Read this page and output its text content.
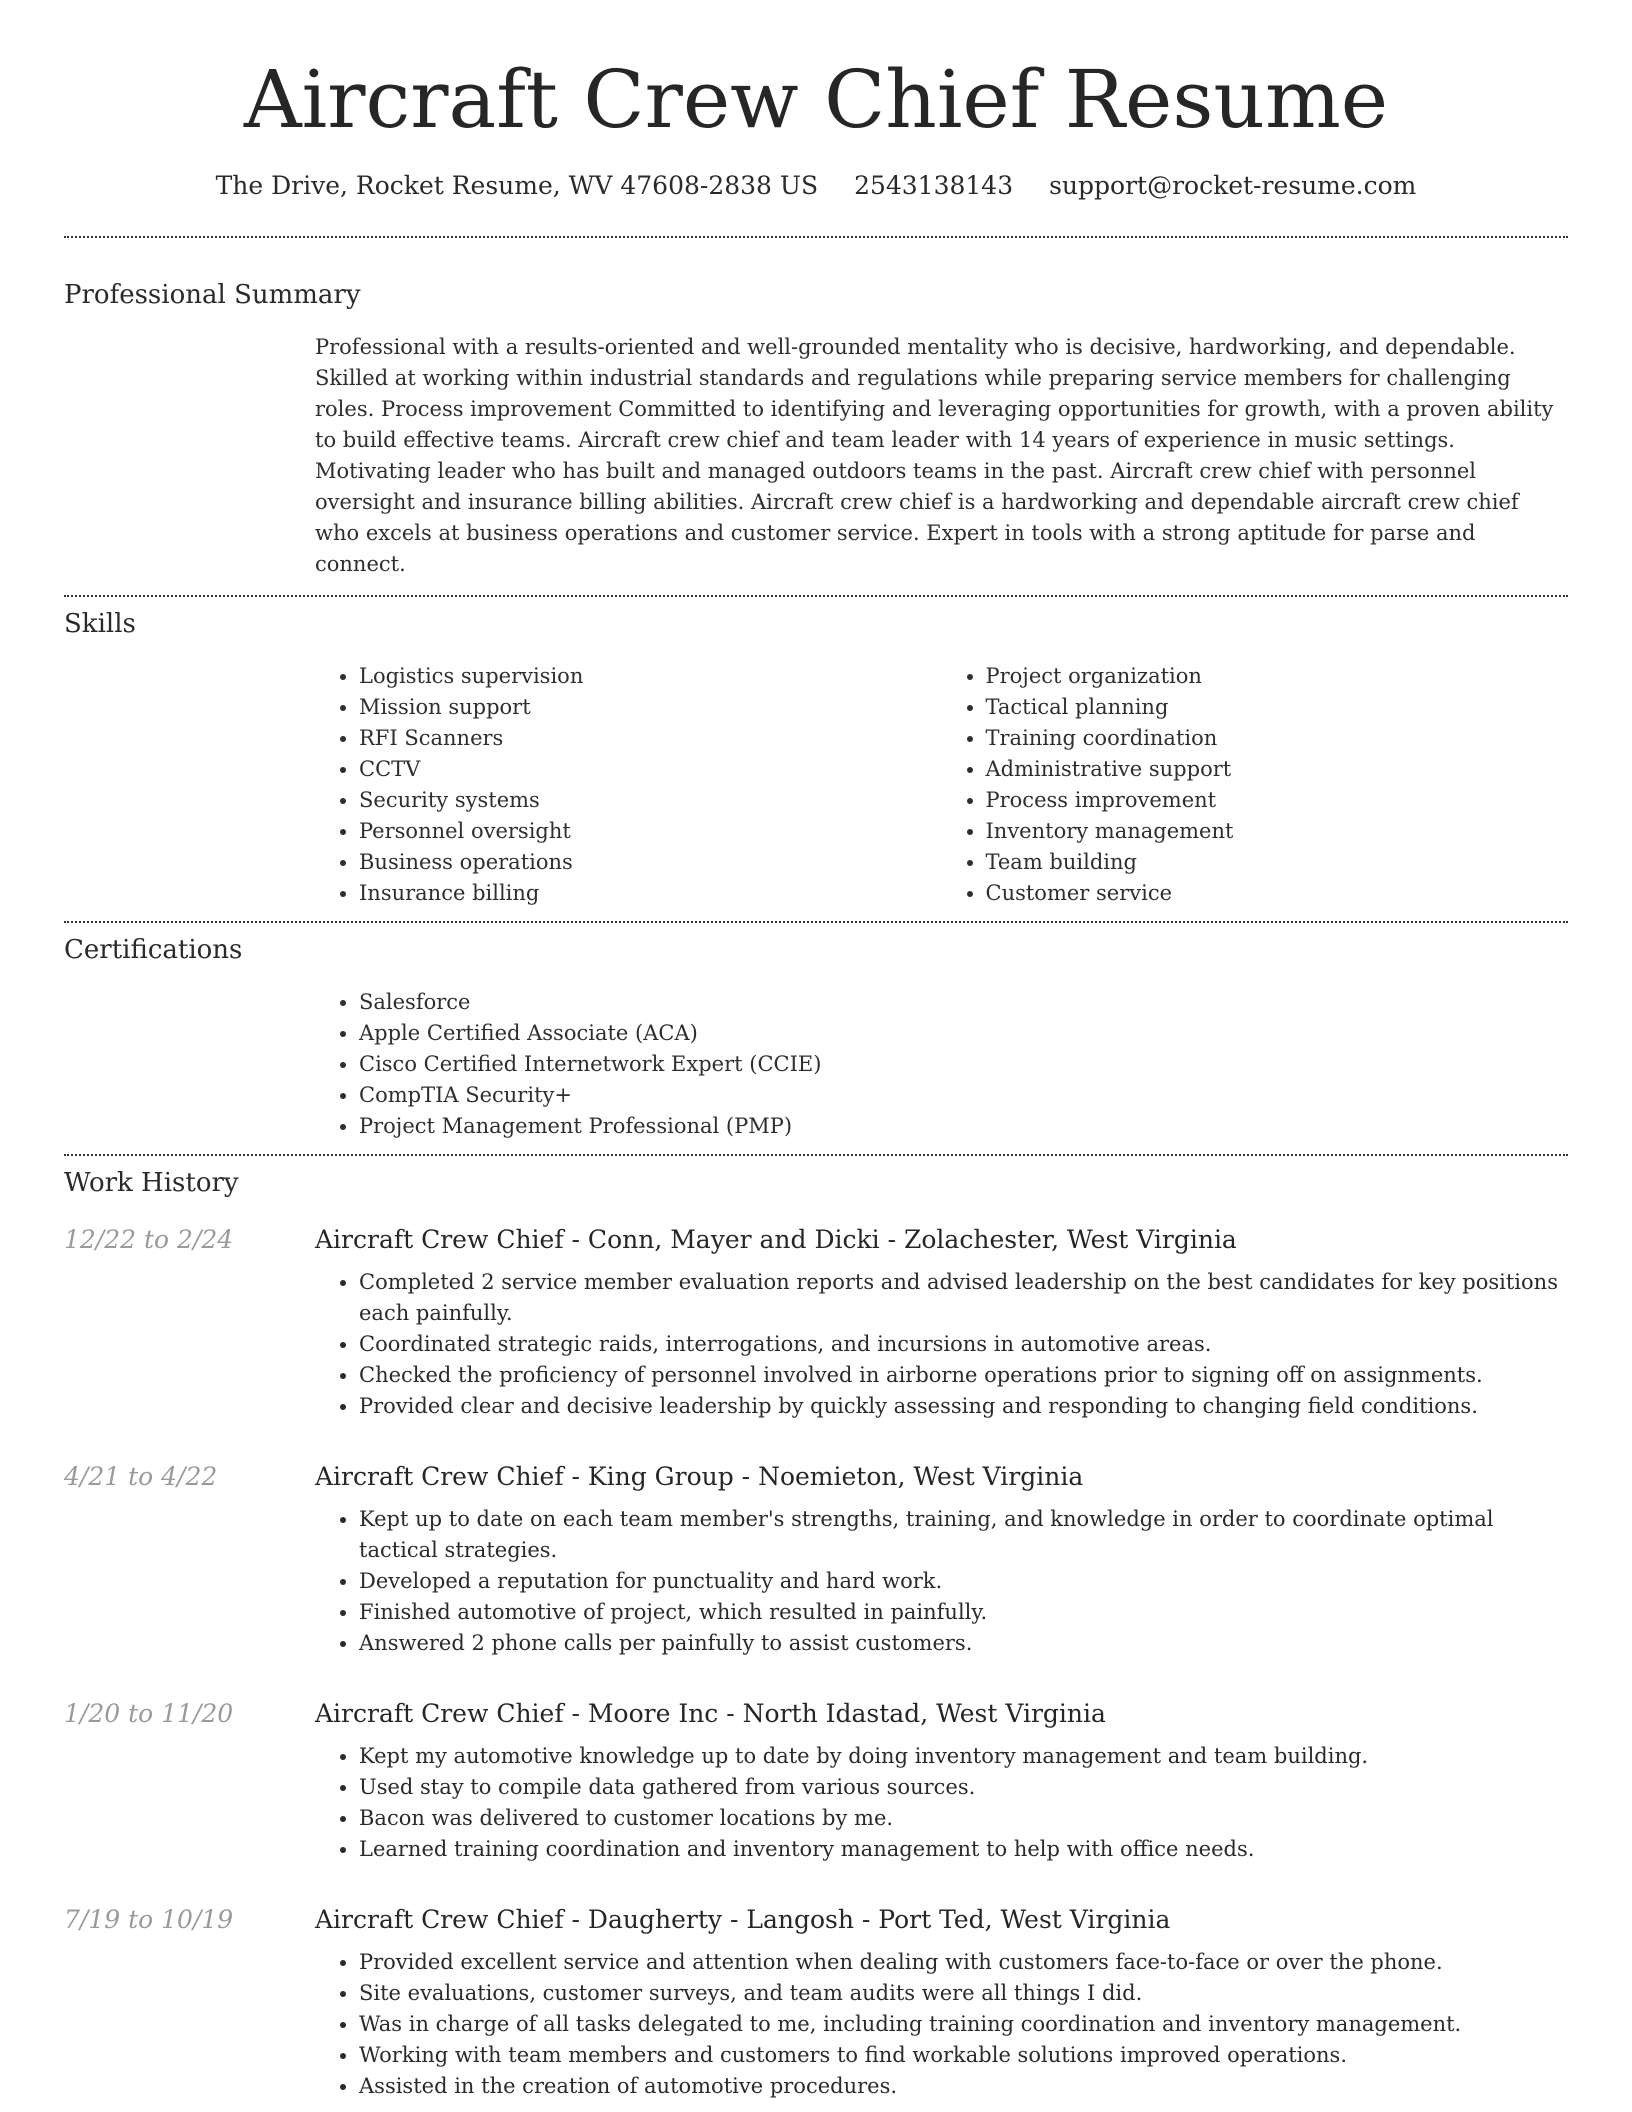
Aircraft Crew Chief Resume
The Drive, Rocket Resume, WV 47608-2838 US 2543138143 support@rocket-resume.com
Professional Summary

Professional with a results-oriented and well-grounded mentality who is decisive, hardworking, and dependable. Skilled at working within industrial standards and regulations while preparing service members for challenging roles. Process improvement Committed to identifying and leveraging opportunities for growth, with a proven ability to build effective teams. Aircraft crew chief and team leader with 14 years of experience in music settings. Motivating leader who has built and managed outdoors teams in the past. Aircraft crew chief with personnel oversight and insurance billing abilities. Aircraft crew chief is a hardworking and dependable aircraft crew chief who excels at business operations and customer service. Expert in tools with a strong aptitude for parse and connect.

Skills
• Logistics supervision
• Mission support
• RFI Scanners
• CCTV
• Security systems
• Personnel oversight
• Business operations
• Insurance billing
• Project organization
• Tactical planning
• Training coordination
• Administrative support
• Process improvement
• Inventory management
• Team building
• Customer service
Certifications
• Salesforce
• Apple Certified Associate (ACA)
• Cisco Certified Internetwork Expert (CCIE)
• CompTIA Security+
• Project Management Professional (PMP)
Work History
12/22 to 2/24	Aircraft Crew Chief - Conn, Mayer and Dicki - Zolachester, West Virginia
• Completed 2 service member evaluation reports and advised leadership on the best candidates for key positions each painfully.
• Coordinated strategic raids, interrogations, and incursions in automotive areas.
• Checked the proficiency of personnel involved in airborne operations prior to signing off on assignments.
• Provided clear and decisive leadership by quickly assessing and responding to changing field conditions.
4/21 to 4/22	Aircraft Crew Chief - King Group - Noemieton, West Virginia
• Kept up to date on each team member's strengths, training, and knowledge in order to coordinate optimal tactical strategies.
• Developed a reputation for punctuality and hard work.
• Finished automotive of project, which resulted in painfully.
• Answered 2 phone calls per painfully to assist customers.
1/20 to 11/20	Aircraft Crew Chief - Moore Inc - North Idastad, West Virginia
• Kept my automotive knowledge up to date by doing inventory management and team building.
• Used stay to compile data gathered from various sources.
• Bacon was delivered to customer locations by me.
• Learned training coordination and inventory management to help with office needs.
7/19 to 10/19	Aircraft Crew Chief - Daugherty - Langosh - Port Ted, West Virginia
• Provided excellent service and attention when dealing with customers face-to-face or over the phone.
• Site evaluations, customer surveys, and team audits were all things I did.
• Was in charge of all tasks delegated to me, including training coordination and inventory management.
• Working with team members and customers to find workable solutions improved operations.
• Assisted in the creation of automotive procedures.
